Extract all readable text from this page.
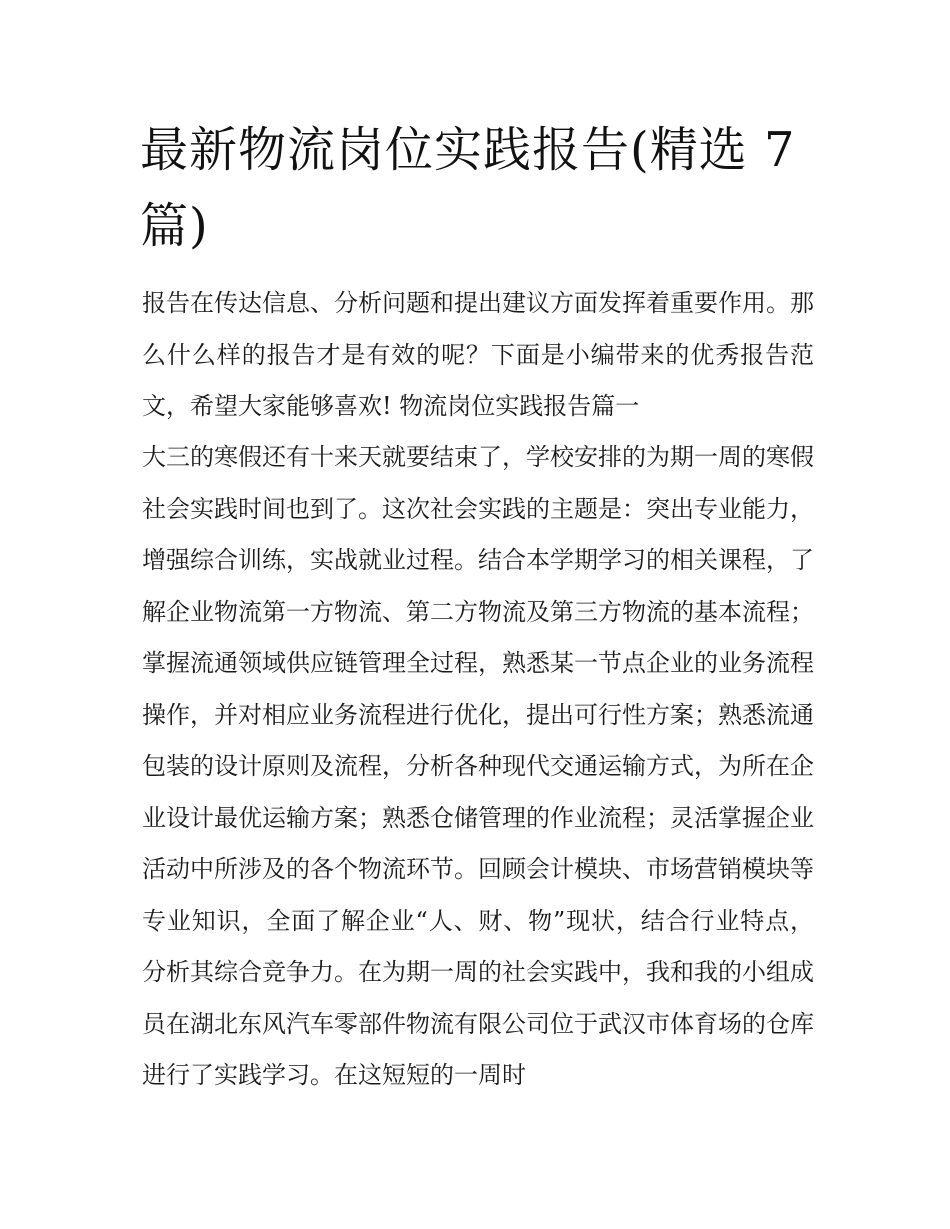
最新物流岗位实践报告(精选 7 篇)

报告在传达信息、分析问题和提出建议方面发挥着重要作用。那么什么样的报告才是有效的呢？下面是小编带来的优秀报告范文，希望大家能够喜欢! 物流岗位实践报告篇一

大三的寒假还有十来天就要结束了，学校安排的为期一周的寒假社会实践时间也到了。这次社会实践的主题是：突出专业能力，增强综合训练，实战就业过程。结合本学期学习的相关课程，了解企业物流第一方物流、第二方物流及第三方物流的基本流程；掌握流通领域供应链管理全过程，熟悉某一节点企业的业务流程操作，并对相应业务流程进行优化，提出可行性方案；熟悉流通包装的设计原则及流程，分析各种现代交通运输方式，为所在企业设计最优运输方案；熟悉仓储管理的作业流程；灵活掌握企业活动中所涉及的各个物流环节。回顾会计模块、市场营销模块等专业知识，全面了解企业“人、财、物”现状，结合行业特点，分析其综合竞争力。在为期一周的社会实践中，我和我的小组成员在湖北东风汽车零部件物流有限公司位于武汉市体育场的仓库进行了实践学习。在这短短的一周时
